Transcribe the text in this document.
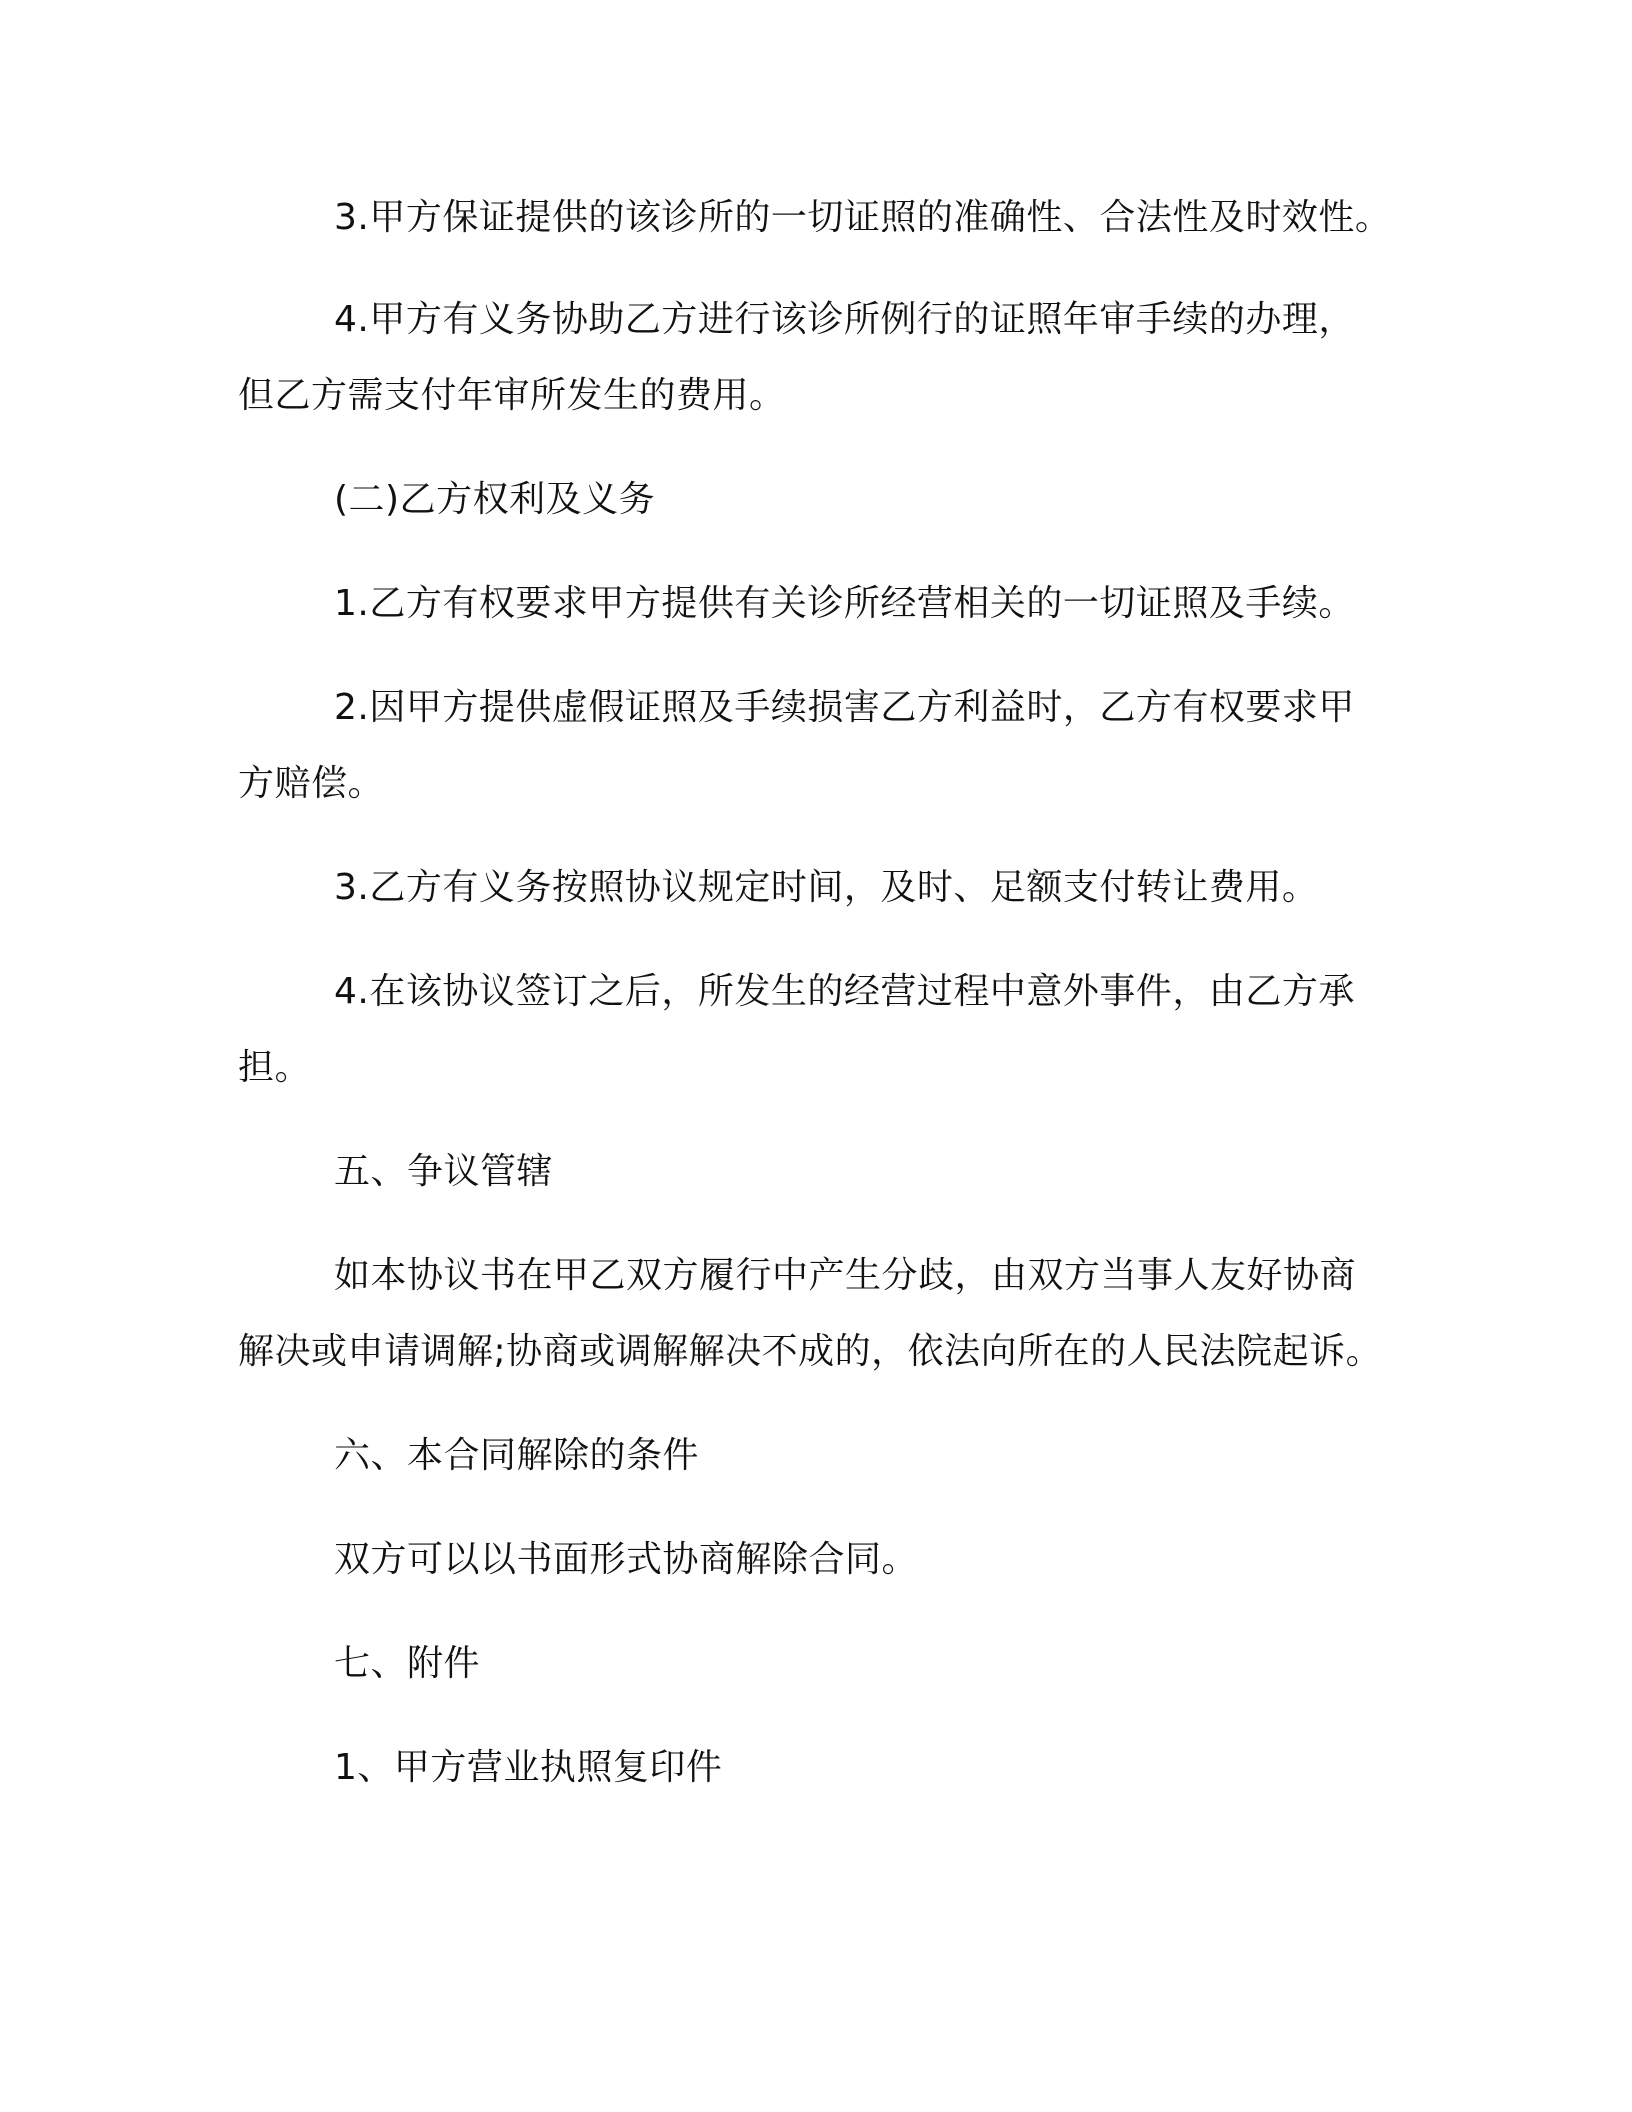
3.甲方保证提供的该诊所的一切证照的准确性、合法性及时效性。
4.甲方有义务协助乙方进行该诊所例行的证照年审手续的办理，
但乙方需支付年审所发生的费用。
(二)乙方权利及义务
1.乙方有权要求甲方提供有关诊所经营相关的一切证照及手续。
2.因甲方提供虚假证照及手续损害乙方利益时，乙方有权要求甲
方赔偿。
3.乙方有义务按照协议规定时间，及时、足额支付转让费用。
4.在该协议签订之后，所发生的经营过程中意外事件，由乙方承
担。
五、争议管辖
如本协议书在甲乙双方履行中产生分歧，由双方当事人友好协商
解决或申请调解;协商或调解解决不成的，依法向所在的人民法院起诉。
六、本合同解除的条件
双方可以以书面形式协商解除合同。
七、附件
1、甲方营业执照复印件
